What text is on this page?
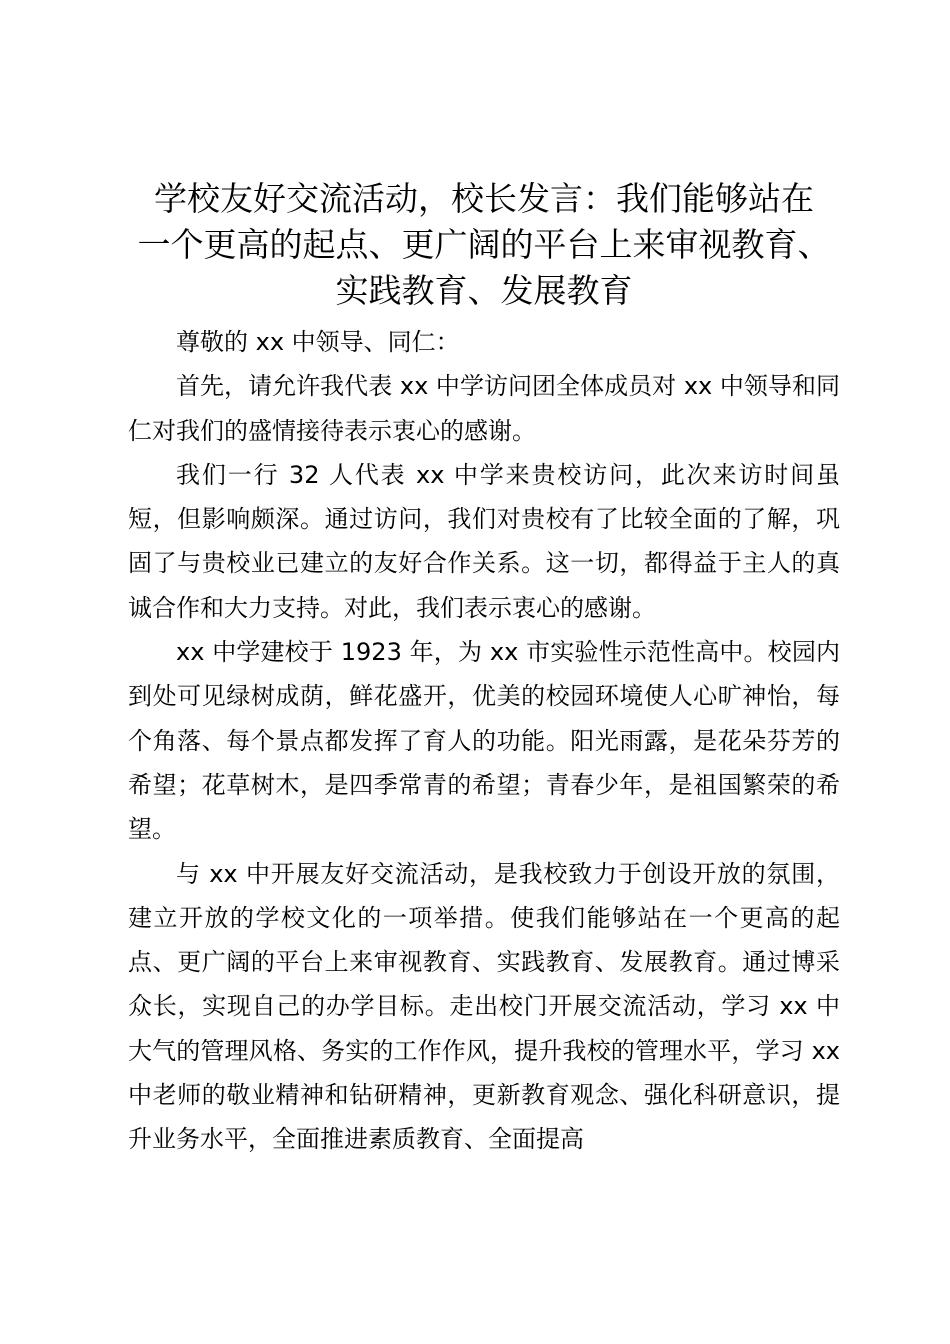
学校友好交流活动，校长发言：我们能够站在
一个更高的起点、更广阔的平台上来审视教育、
实践教育、发展教育

尊敬的 xx 中领导、同仁：

首先，请允许我代表 xx 中学访问团全体成员对 xx 中领导和同仁对我们的盛情接待表示衷心的感谢。

我们一行 32 人代表 xx 中学来贵校访问，此次来访时间虽短，但影响颇深。通过访问，我们对贵校有了比较全面的了解，巩固了与贵校业已建立的友好合作关系。这一切，都得益于主人的真诚合作和大力支持。对此，我们表示衷心的感谢。

xx 中学建校于 1923 年，为 xx 市实验性示范性高中。校园内到处可见绿树成荫，鲜花盛开，优美的校园环境使人心旷神怡，每个角落、每个景点都发挥了育人的功能。阳光雨露，是花朵芬芳的希望；花草树木，是四季常青的希望；青春少年，是祖国繁荣的希望。

与 xx 中开展友好交流活动，是我校致力于创设开放的氛围，建立开放的学校文化的一项举措。使我们能够站在一个更高的起点、更广阔的平台上来审视教育、实践教育、发展教育。通过博采众长，实现自己的办学目标。走出校门开展交流活动，学习 xx 中大气的管理风格、务实的工作作风，提升我校的管理水平，学习 xx 中老师的敬业精神和钻研精神，更新教育观念、强化科研意识，提升业务水平，全面推进素质教育、全面提高
